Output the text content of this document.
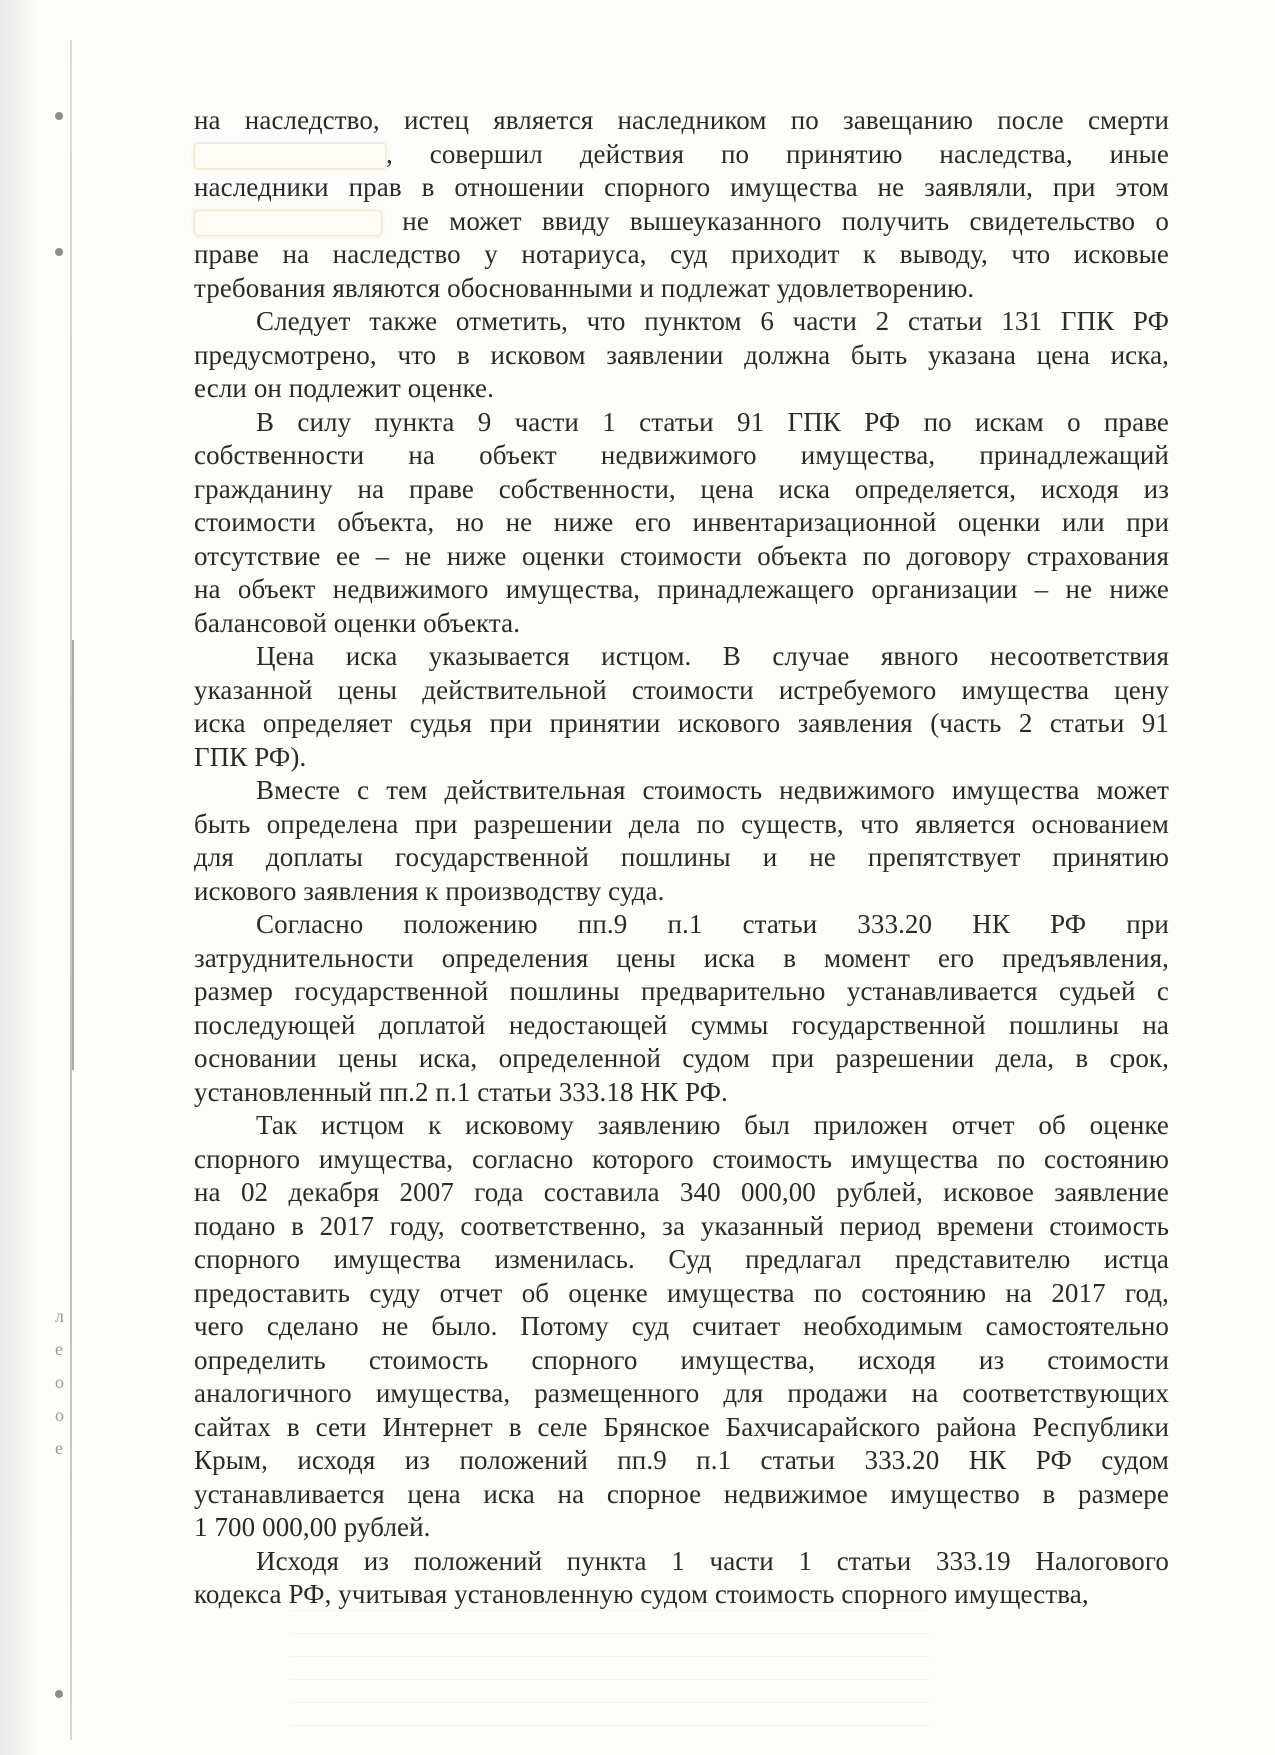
л
е
о
о
е

на наследство, истец является наследником по завещанию после смерти
, совершил действия по принятию наследства, иные
наследники прав в отношении спорного имущества не заявляли, при этом
не может ввиду вышеуказанного получить свидетельство о
праве на наследство у нотариуса, суд приходит к выводу, что исковые
требования являются обоснованными и подлежат удовлетворению.

Следует также отметить, что пунктом 6 части 2 статьи 131 ГПК РФ
предусмотрено, что в исковом заявлении должна быть указана цена иска,
если он подлежит оценке.

В силу пункта 9 части 1 статьи 91 ГПК РФ по искам о праве
собственности на объект недвижимого имущества, принадлежащий
гражданину на праве собственности, цена иска определяется, исходя из
стоимости объекта, но не ниже его инвентаризационной оценки или при
отсутствие ее – не ниже оценки стоимости объекта по договору страхования
на объект недвижимого имущества, принадлежащего организации – не ниже
балансовой оценки объекта.

Цена иска указывается истцом. В случае явного несоответствия
указанной цены действительной стоимости истребуемого имущества цену
иска определяет судья при принятии искового заявления (часть 2 статьи 91
ГПК РФ).

Вместе с тем действительная стоимость недвижимого имущества может
быть определена при разрешении дела по существ, что является основанием
для доплаты государственной пошлины и не препятствует принятию
искового заявления к производству суда.

Согласно положению пп.9 п.1 статьи 333.20 НК РФ при
затруднительности определения цены иска в момент его предъявления,
размер государственной пошлины предварительно устанавливается судьей с
последующей доплатой недостающей суммы государственной пошлины на
основании цены иска, определенной судом при разрешении дела, в срок,
установленный пп.2 п.1 статьи 333.18 НК РФ.

Так истцом к исковому заявлению был приложен отчет об оценке
спорного имущества, согласно которого стоимость имущества по состоянию
на 02 декабря 2007 года составила 340 000,00 рублей, исковое заявление
подано в 2017 году, соответственно, за указанный период времени стоимость
спорного имущества изменилась. Суд предлагал представителю истца
предоставить суду отчет об оценке имущества по состоянию на 2017 год,
чего сделано не было. Потому суд считает необходимым самостоятельно
определить стоимость спорного имущества, исходя из стоимости
аналогичного имущества, размещенного для продажи на соответствующих
сайтах в сети Интернет в селе Брянское Бахчисарайского района Республики
Крым, исходя из положений пп.9 п.1 статьи 333.20 НК РФ судом
устанавливается цена иска на спорное недвижимое имущество в размере
1 700 000,00 рублей.

Исходя из положений пункта 1 части 1 статьи 333.19 Налогового
кодекса РФ, учитывая установленную судом стоимость спорного имущества,
